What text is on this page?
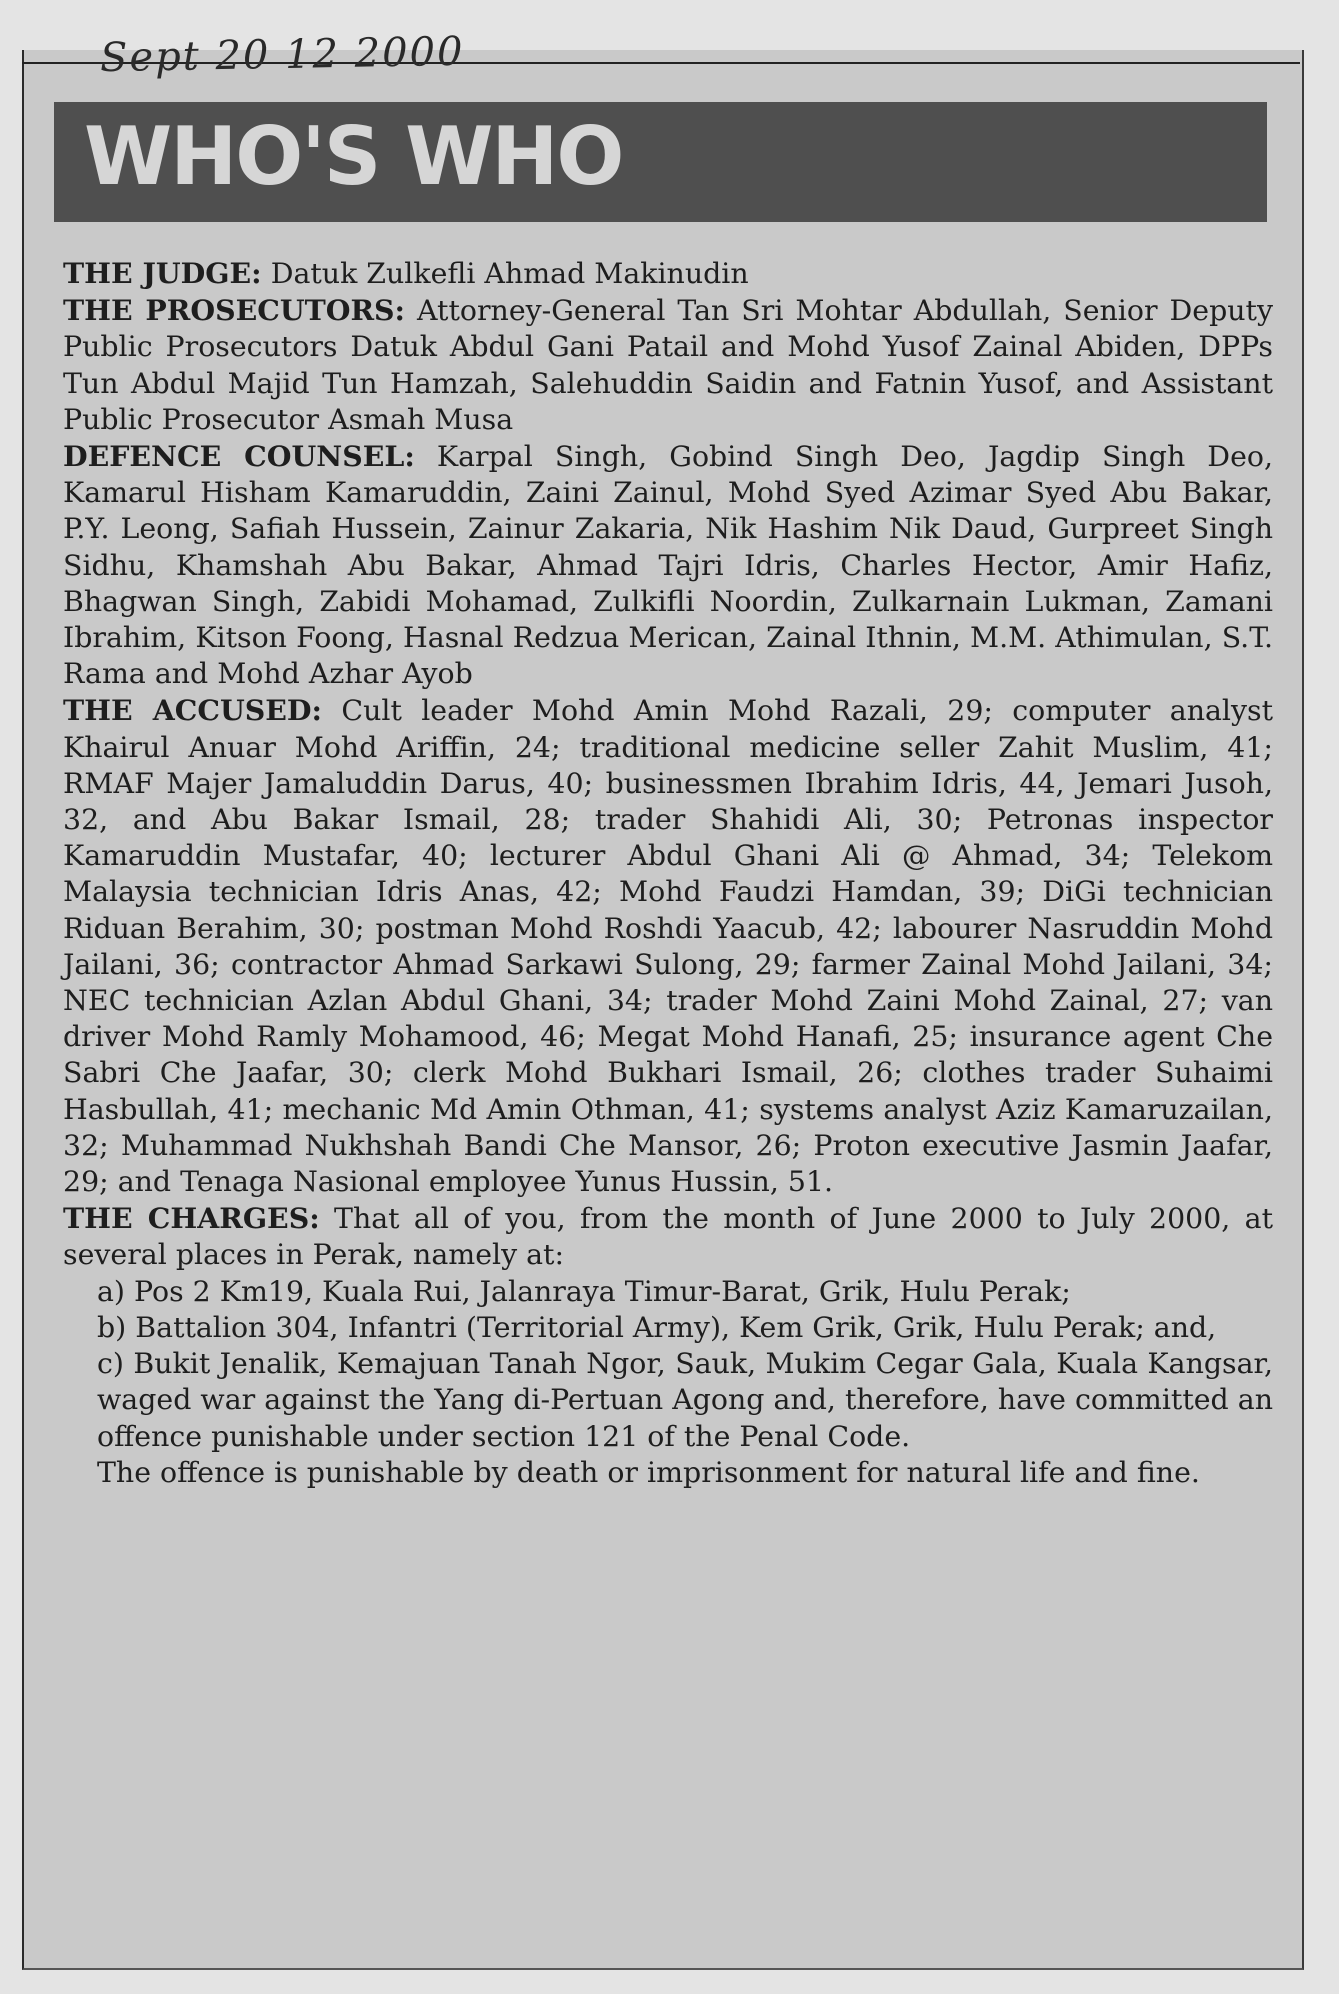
Sept 20 12 2000
WHO'S WHO

THE JUDGE: Datuk Zulkefli Ahmad Makinudin

THE PROSECUTORS: Attorney-General Tan Sri Mohtar Abdullah, Senior Deputy Public Prosecutors Datuk Abdul Gani Patail and Mohd Yusof Zainal Abiden, DPPs Tun Abdul Majid Tun Hamzah, Salehuddin Saidin and Fatnin Yusof, and Assistant Public Prosecutor Asmah Musa

DEFENCE COUNSEL: Karpal Singh, Gobind Singh Deo, Jagdip Singh Deo, Kamarul Hisham Kamaruddin, Zaini Zainul, Mohd Syed Azimar Syed Abu Bakar, P.Y. Leong, Safiah Hussein, Zainur Zakaria, Nik Hashim Nik Daud, Gurpreet Singh Sidhu, Khamshah Abu Bakar, Ahmad Tajri Idris, Charles Hector, Amir Hafiz, Bhagwan Singh, Zabidi Mohamad, Zulkifli Noordin, Zulkarnain Lukman, Zamani Ibrahim, Kitson Foong, Hasnal Redzua Merican, Zainal Ithnin, M.M. Athimulan, S.T. Rama and Mohd Azhar Ayob

THE ACCUSED: Cult leader Mohd Amin Mohd Razali, 29; computer analyst Khairul Anuar Mohd Ariffin, 24; traditional medicine seller Zahit Muslim, 41; RMAF Majer Jamaluddin Darus, 40; businessmen Ibrahim Idris, 44, Jemari Jusoh, 32, and Abu Bakar Ismail, 28; trader Shahidi Ali, 30; Petronas inspector Kamaruddin Mustafar, 40; lecturer Abdul Ghani Ali @ Ahmad, 34; Telekom Malaysia technician Idris Anas, 42; Mohd Faudzi Hamdan, 39; DiGi technician Riduan Berahim, 30; postman Mohd Roshdi Yaacub, 42; labourer Nasruddin Mohd Jailani, 36; contractor Ahmad Sarkawi Sulong, 29; farmer Zainal Mohd Jailani, 34; NEC technician Azlan Abdul Ghani, 34; trader Mohd Zaini Mohd Zainal, 27; van driver Mohd Ramly Mohamood, 46; Megat Mohd Hanafi, 25; insurance agent Che Sabri Che Jaafar, 30; clerk Mohd Bukhari Ismail, 26; clothes trader Suhaimi Hasbullah, 41; mechanic Md Amin Othman, 41; systems analyst Aziz Kamaruzailan, 32; Muhammad Nukhshah Bandi Che Mansor, 26; Proton executive Jasmin Jaafar, 29; and Tenaga Nasional employee Yunus Hussin, 51.

THE CHARGES: That all of you, from the month of June 2000 to July 2000, at several places in Perak, namely at:

a) Pos 2 Km19, Kuala Rui, Jalanraya Timur-Barat, Grik, Hulu Perak;

b) Battalion 304, Infantri (Territorial Army), Kem Grik, Grik, Hulu Perak; and,

c) Bukit Jenalik, Kemajuan Tanah Ngor, Sauk, Mukim Cegar Gala, Kuala Kangsar, waged war against the Yang di-Pertuan Agong and, therefore, have committed an offence punishable under section 121 of the Penal Code.

The offence is punishable by death or imprisonment for natural life and fine.
